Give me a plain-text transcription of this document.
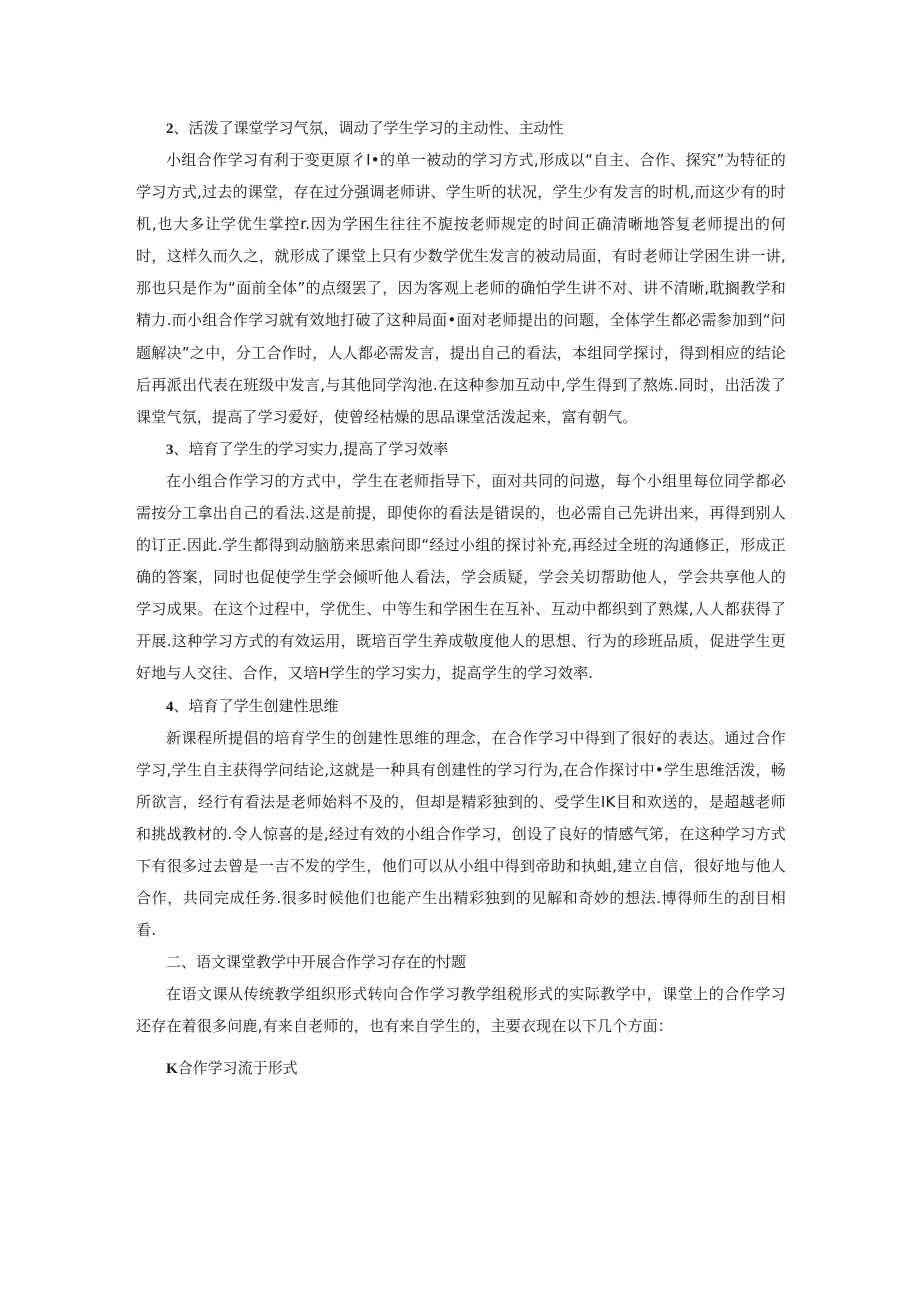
2、活泼了课堂学习气氛，调动了学生学习的主动性、主动性

小组合作学习有利于变更原彳I•的单一被动的学习方式,形成以“自主、合作、探究”为特征的学习方式,过去的课堂，存在过分强调老师讲、学生听的状况，学生少有发言的时机,而这少有的时机,也大多让学优生掌控r.因为学困生往往不旎按老师规定的时间正确清晰地答复老师提出的何时，这样久而久之，就形成了课堂上只有少数学优生发言的被动局面，有时老师让学困生讲一讲,那也只是作为“面前全体”的点缀罢了，因为客观上老师的确怕学生讲不对、讲不清晰,耽搁教学和精力.而小组合作学习就有效地打破了这种局面•面对老师提出的问题，全体学生都必需参加到“问题解决”之中，分工合作时，人人都必需发言，提出自己的看法，本组同学探讨，得到相应的结论后再派出代表在班级中发言,与其他同学沟池.在这种参加互动中,学生得到了熬炼.同时，出活泼了课堂气氛，提高了学习爱好，使曾经枯燥的思品课堂活泼起来，富有朝气。

3、培育了学生的学习实力,提高了学习效率

在小组合作学习的方式中，学生在老师指导下，面对共同的问遨，每个小组里每位同学都必需按分工拿出自己的看法.这是前提，即使你的看法是错误的，也必需自己先讲出来，再得到别人的订正.因此.学生都得到动脑筋来思索问即“经过小组的探讨补充,再经过全班的沟通修正，形成正确的答案，同时也促使学生学会倾听他人看法，学会质疑，学会关切帮助他人，学会共享他人的学习成果。在这个过程中，学优生、中等生和学困生在互补、互动中都织到了熟煤,人人都获得了开展.这种学习方式的有效运用，既培百学生养成敬度他人的思想、行为的珍班品质，促进学生更好地与人交往、合作，又培H学生的学习实力，捉高学生的学习效率.

4、培育了学生创建性思维

新课程所提倡的培育学生的创建性思维的理念，在合作学习中得到了很好的表达。通过合作学习,学生自主获得学问结论,这就是一种具有创建性的学习行为,在合作探讨中•学生思维活泼，畅所欲言，经行有看法是老师始料不及的，但却是精彩独到的、受学生IK目和欢送的，是超越老师和挑战教材的.令人惊喜的是,经过有效的小组合作学习，创设了良好的情感气笫，在这种学习方式下有很多过去曾是一吉不发的学生，他们可以从小组中得到帝助和执蛆,建立自信，很好地与他人合作，共同完成任务.很多时候他们也能产生出精彩独到的见解和奇妙的想法.博得师生的刮目相看.

二、语文课堂教学中开展合作学习存在的忖题

在语文课从传统教学组织形式转向合作学习教学组税形式的实际教学中，课堂上的合作学习还存在着很多问鹿,有来自老师的，也有来自学生的，主要衣现在以下几个方面：

K合作学习流于形式
